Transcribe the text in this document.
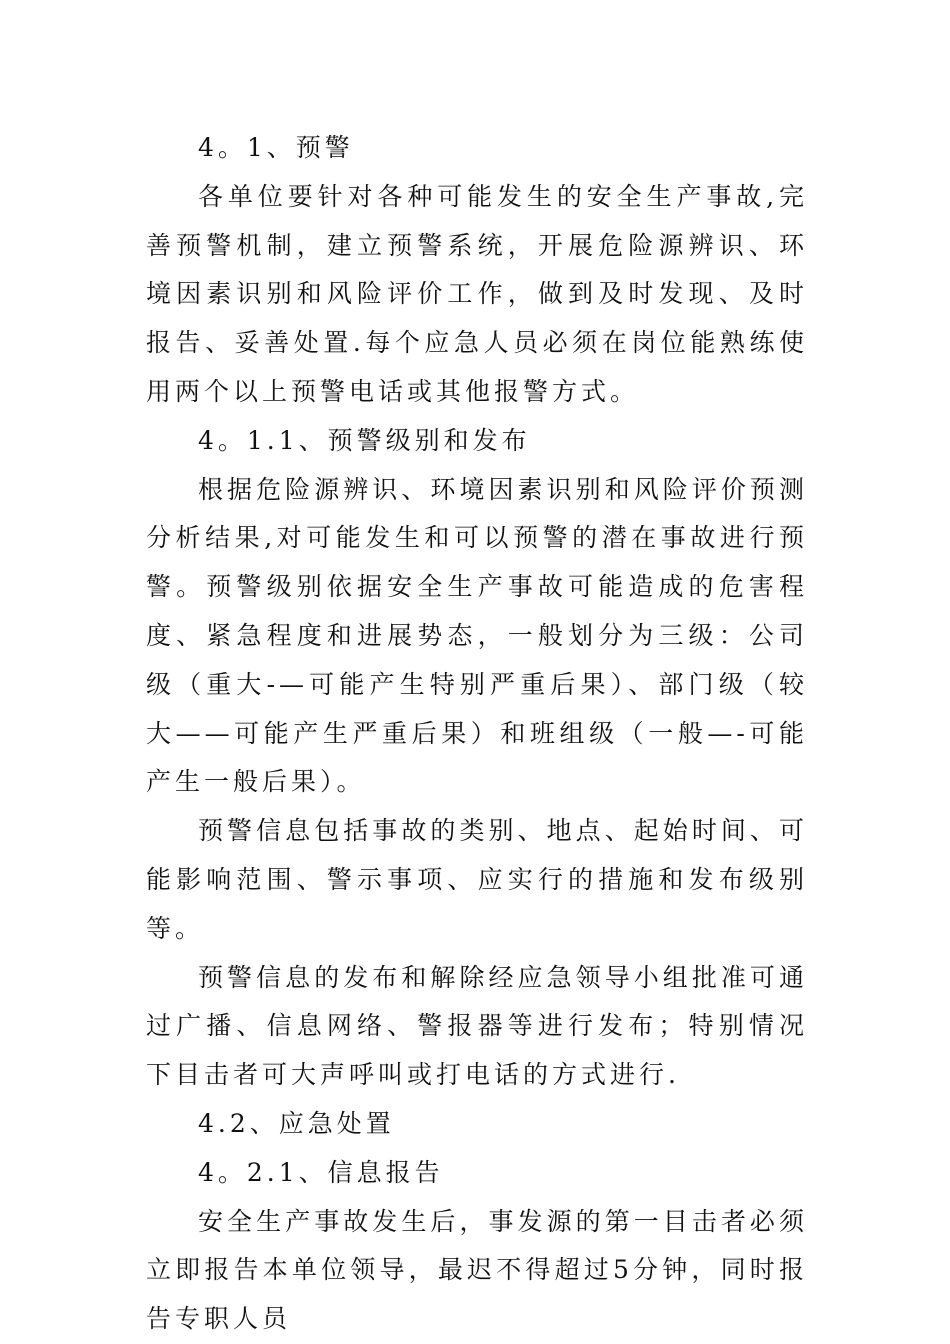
4。1、预警

各单位要针对各种可能发生的安全生产事故,完善预警机制，建立预警系统，开展危险源辨识、环境因素识别和风险评价工作，做到及时发现、及时报告、妥善处置.每个应急人员必须在岗位能熟练使用两个以上预警电话或其他报警方式。

4。1.1、预警级别和发布

根据危险源辨识、环境因素识别和风险评价预测分析结果,对可能发生和可以预警的潜在事故进行预警。预警级别依据安全生产事故可能造成的危害程度、紧急程度和进展势态，一般划分为三级：公司级（重大-—可能产生特别严重后果）、部门级（较大——可能产生严重后果）和班组级（一般—-可能产生一般后果）。

预警信息包括事故的类别、地点、起始时间、可能影响范围、警示事项、应实行的措施和发布级别等。

预警信息的发布和解除经应急领导小组批准可通过广播、信息网络、警报器等进行发布；特别情况下目击者可大声呼叫或打电话的方式进行.

4.2、应急处置

4。2.1、信息报告

安全生产事故发生后，事发源的第一目击者必须立即报告本单位领导，最迟不得超过5分钟，同时报告专职人员
